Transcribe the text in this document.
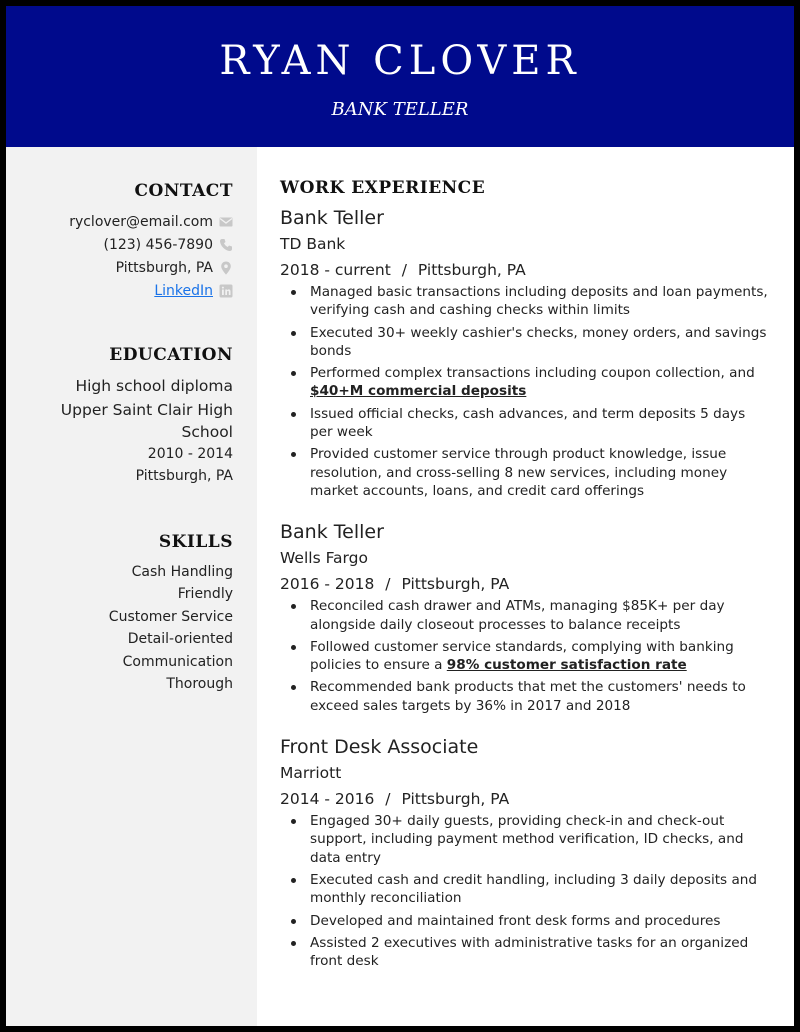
RYAN CLOVER
BANK TELLER
CONTACT
ryclover@email.com
(123) 456-7890
Pittsburgh, PA
LinkedIn
EDUCATION
High school diploma
Upper Saint Clair High
School
2010 - 2014
Pittsburgh, PA
SKILLS
Cash Handling
Friendly
Customer Service
Detail-oriented
Communication
Thorough
WORK EXPERIENCE
Bank Teller
TD Bank
2018 - current / Pittsburgh, PA
Managed basic transactions including deposits and loan payments, verifying cash and cashing checks within limits
Executed 30+ weekly cashier's checks, money orders, and savings bonds
Performed complex transactions including coupon collection, and $40+M commercial deposits
Issued official checks, cash advances, and term deposits 5 days per week
Provided customer service through product knowledge, issue resolution, and cross-selling 8 new services, including money market accounts, loans, and credit card offerings
Bank Teller
Wells Fargo
2016 - 2018 / Pittsburgh, PA
Reconciled cash drawer and ATMs, managing $85K+ per day alongside daily closeout processes to balance receipts
Followed customer service standards, complying with banking policies to ensure a 98% customer satisfaction rate
Recommended bank products that met the customers' needs to exceed sales targets by 36% in 2017 and 2018
Front Desk Associate
Marriott
2014 - 2016 / Pittsburgh, PA
Engaged 30+ daily guests, providing check-in and check-out support, including payment method verification, ID checks, and data entry
Executed cash and credit handling, including 3 daily deposits and monthly reconciliation
Developed and maintained front desk forms and procedures
Assisted 2 executives with administrative tasks for an organized front desk
